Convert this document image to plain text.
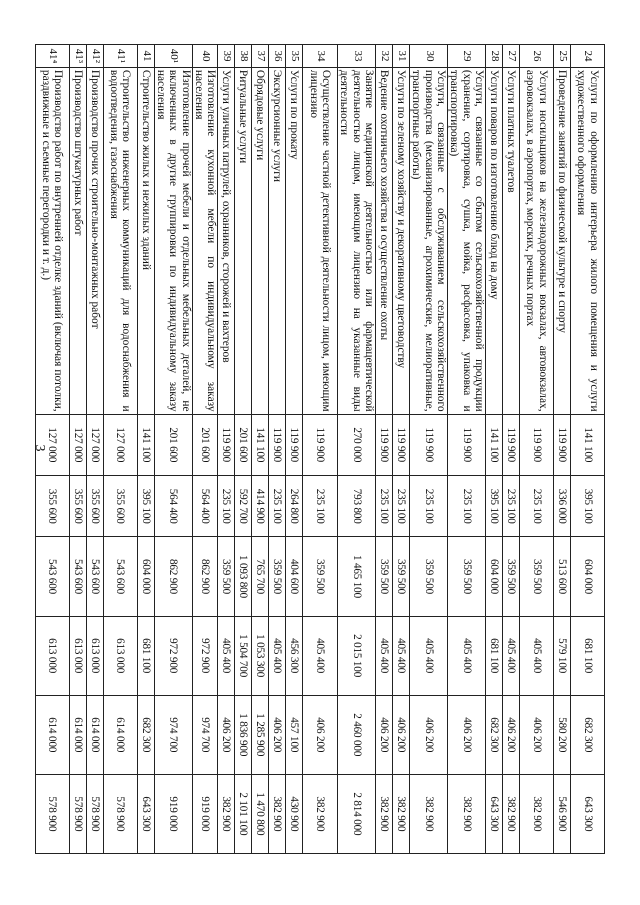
3
24	Услуги по оформлению интерьера жилого помещения и услуги художественного оформления	141 100	395 100	604 000	681 100	682 300	643 300
25	Проведение занятий по физической культуре и спорту	119 900	336 000	513 600	579 100	580 200	546 900
26	Услуги носильщиков на железнодорожных вокзалах, автовокзалах, аэровокзалах, в аэропортах, морских, речных портах	119 900	235 100	359 500	405 400	406 200	382 900
27	Услуги платных туалетов	119 900	235 100	359 500	405 400	406 200	382 900
28	Услуги поваров по изготовлению блюд на дому	141 100	395 100	604 000	681 100	682 300	643 300
29	Услуги, связанные со сбытом сельскохозяйственной продукции (хранение, сортировка, сушка, мойка, расфасовка, упаковка и транспортировка)	119 900	235 100	359 500	405 400	406 200	382 900
30	Услуги, связанные с обслуживанием сельскохозяйственного производства (механизированные, агрохимические, мелиоративные, транспортные работы)	119 900	235 100	359 500	405 400	406 200	382 900
31	Услуги по зеленому хозяйству и декоративному цветоводству	119 900	235 100	359 500	405 400	406 200	382 900
32	Ведение охотничьего хозяйства и осуществление охоты	119 900	235 100	359 500	405 400	406 200	382 900
33	Занятие медицинской деятельностью или фармацевтической деятельностью лицом, имеющим лицензию на указанные виды деятельности	270 000	793 800	1 465 100	2 015 100	2 460 000	2 814 000
34	Осуществление частной детективной деятельности лицом, имеющим лицензию	119 900	235 100	359 500	405 400	406 200	382 900
35	Услуги по прокату	119 900	264 800	404 600	456 300	457 100	430 900
36	Экскурсионные услуги	119 900	235 100	359 500	405 400	406 200	382 900
37	Обрядовые услуги	141 100	414 900	765 700	1 053 300	1 285 900	1 470 800
38	Ритуальные услуги	201 600	592 700	1 093 800	1 504 700	1 836 900	2 101 100
39	Услуги уличных патрулей, охранников, сторожей и вахтеров	119 900	235 100	359 500	405 400	406 200	382 900
40	Изготовление кухонной мебели по индивидуальному заказу населения	201 600	564 400	862 900	972 900	974 700	919 000
40¹	Изготовление прочей мебели и отдельных мебельных деталей, не включенных в другие группировки по индивидуальному заказу населения	201 600	564 400	862 900	972 900	974 700	919 000
41	Строительство жилых и нежилых зданий	141 100	395 100	604 000	681 100	682 300	643 300
41¹	Строительство инженерных коммуникаций для водоснабжения и водоотведения, газоснабжения	127 000	355 600	543 600	613 000	614 000	578 900
41²	Производство прочих строительно-монтажных работ	127 000	355 600	543 600	613 000	614 000	578 900
41³	Производство штукатурных работ	127 000	355 600	543 600	613 000	614 000	578 900
41⁴	Производство работ по внутренней отделке зданий (включая потолки, раздвижные и съемные перегородки и т. д.)	127 000	355 600	543 600	613 000	614 000	578 900
